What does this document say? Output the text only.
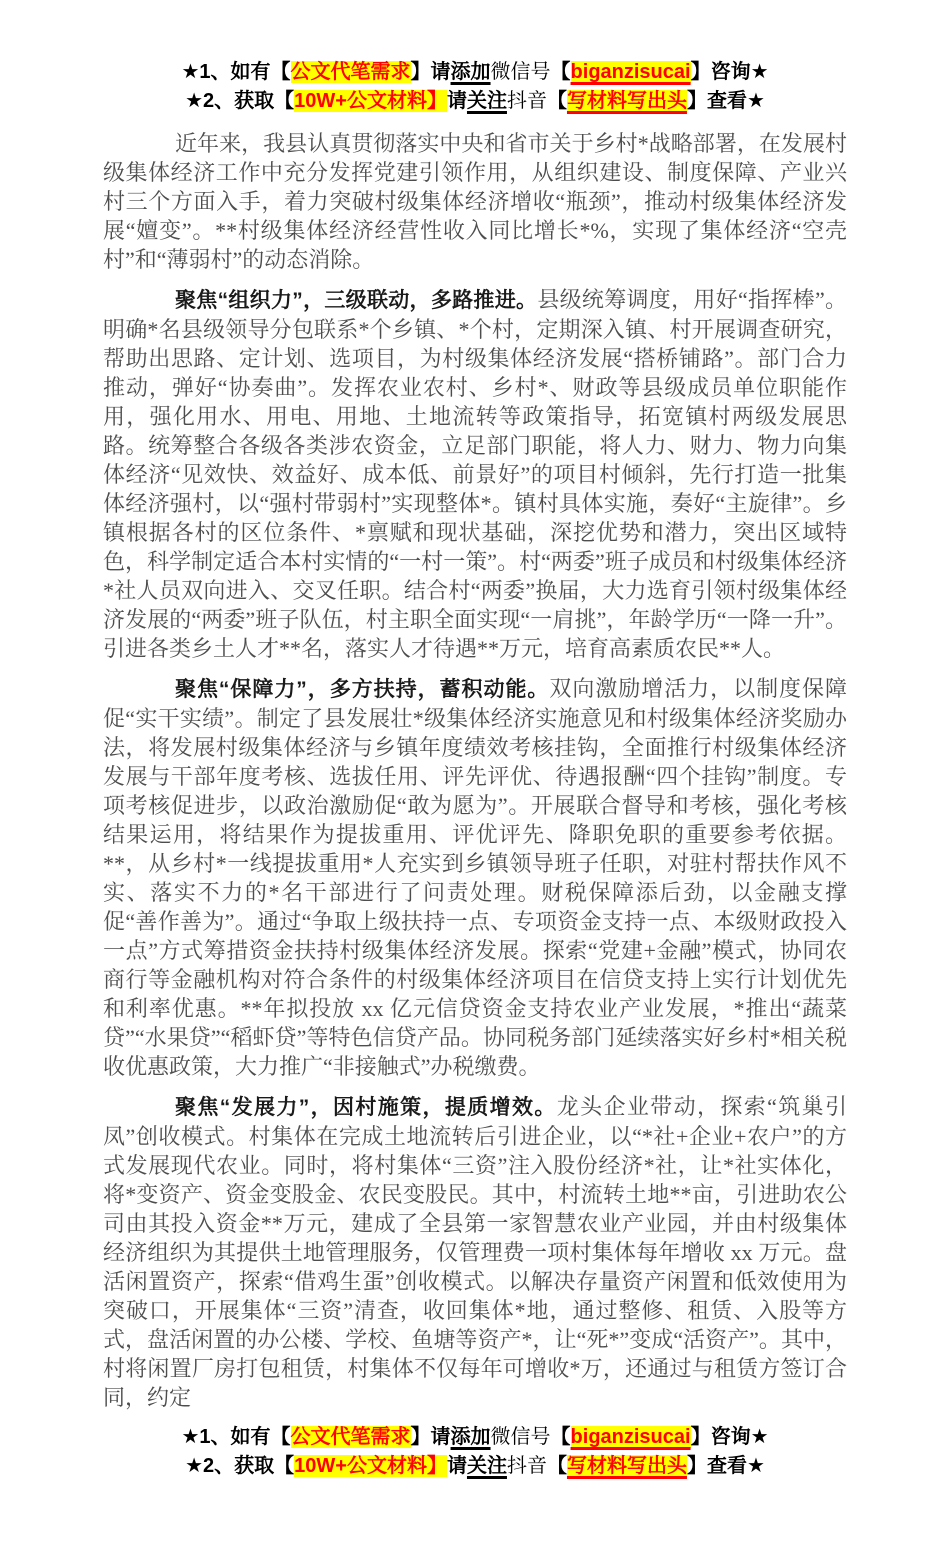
★1、如有【公文代笔需求】请添加微信号【biganzisucai】咨询★

★2、获取【10W+公文材料】请关注抖音【写材料写出头】查看★

近年来，我县认真贯彻落实中央和省市关于乡村*战略部署，在发展村级集体经济工作中充分发挥党建引领作用，从组织建设、制度保障、产业兴村三个方面入手，着力突破村级集体经济增收“瓶颈”，推动村级集体经济发展“嬗变”。**村级集体经济经营性收入同比增长*%，实现了集体经济“空壳村”和“薄弱村”的动态消除。

聚焦“组织力”，三级联动，多路推进。县级统筹调度，用好“指挥棒”。明确*名县级领导分包联系*个乡镇、*个村，定期深入镇、村开展调查研究，帮助出思路、定计划、选项目，为村级集体经济发展“搭桥铺路”。部门合力推动，弹好“协奏曲”。发挥农业农村、乡村*、财政等县级成员单位职能作用，强化用水、用电、用地、土地流转等政策指导，拓宽镇村两级发展思路。统筹整合各级各类涉农资金，立足部门职能，将人力、财力、物力向集体经济“见效快、效益好、成本低、前景好”的项目村倾斜，先行打造一批集体经济强村，以“强村带弱村”实现整体*。镇村具体实施，奏好“主旋律”。乡镇根据各村的区位条件、*禀赋和现状基础，深挖优势和潜力，突出区域特色，科学制定适合本村实情的“一村一策”。村“两委”班子成员和村级集体经济*社人员双向进入、交叉任职。结合村“两委”换届，大力选育引领村级集体经济发展的“两委”班子队伍，村主职全面实现“一肩挑”，年龄学历“一降一升”。引进各类乡土人才**名，落实人才待遇**万元，培育高素质农民**人。

聚焦“保障力”，多方扶持，蓄积动能。双向激励增活力，以制度保障促“实干实绩”。制定了县发展壮*级集体经济实施意见和村级集体经济奖励办法，将发展村级集体经济与乡镇年度绩效考核挂钩，全面推行村级集体经济发展与干部年度考核、选拔任用、评先评优、待遇报酬“四个挂钩”制度。专项考核促进步，以政治激励促“敢为愿为”。开展联合督导和考核，强化考核结果运用，将结果作为提拔重用、评优评先、降职免职的重要参考依据。**，从乡村*一线提拔重用*人充实到乡镇领导班子任职，对驻村帮扶作风不实、落实不力的*名干部进行了问责处理。财税保障添后劲，以金融支撑促“善作善为”。通过“争取上级扶持一点、专项资金支持一点、本级财政投入一点”方式筹措资金扶持村级集体经济发展。探索“党建+金融”模式，协同农商行等金融机构对符合条件的村级集体经济项目在信贷支持上实行计划优先和利率优惠。**年拟投放 xx 亿元信贷资金支持农业产业发展，*推出“蔬菜贷”“水果贷”“稻虾贷”等特色信贷产品。协同税务部门延续落实好乡村*相关税收优惠政策，大力推广“非接触式”办税缴费。

聚焦“发展力”，因村施策，提质增效。龙头企业带动，探索“筑巢引凤”创收模式。村集体在完成土地流转后引进企业，以“*社+企业+农户”的方式发展现代农业。同时，将村集体“三资”注入股份经济*社，让*社实体化，将*变资产、资金变股金、农民变股民。其中，村流转土地**亩，引进助农公司由其投入资金**万元，建成了全县第一家智慧农业产业园，并由村级集体经济组织为其提供土地管理服务，仅管理费一项村集体每年增收 xx 万元。盘活闲置资产，探索“借鸡生蛋”创收模式。以解决存量资产闲置和低效使用为突破口，开展集体“三资”清查，收回集体*地，通过整修、租赁、入股等方式，盘活闲置的办公楼、学校、鱼塘等资产*，让“死*”变成“活资产”。其中，村将闲置厂房打包租赁，村集体不仅每年可增收*万，还通过与租赁方签订合同，约定

★1、如有【公文代笔需求】请添加微信号【biganzisucai】咨询★

★2、获取【10W+公文材料】请关注抖音【写材料写出头】查看★
